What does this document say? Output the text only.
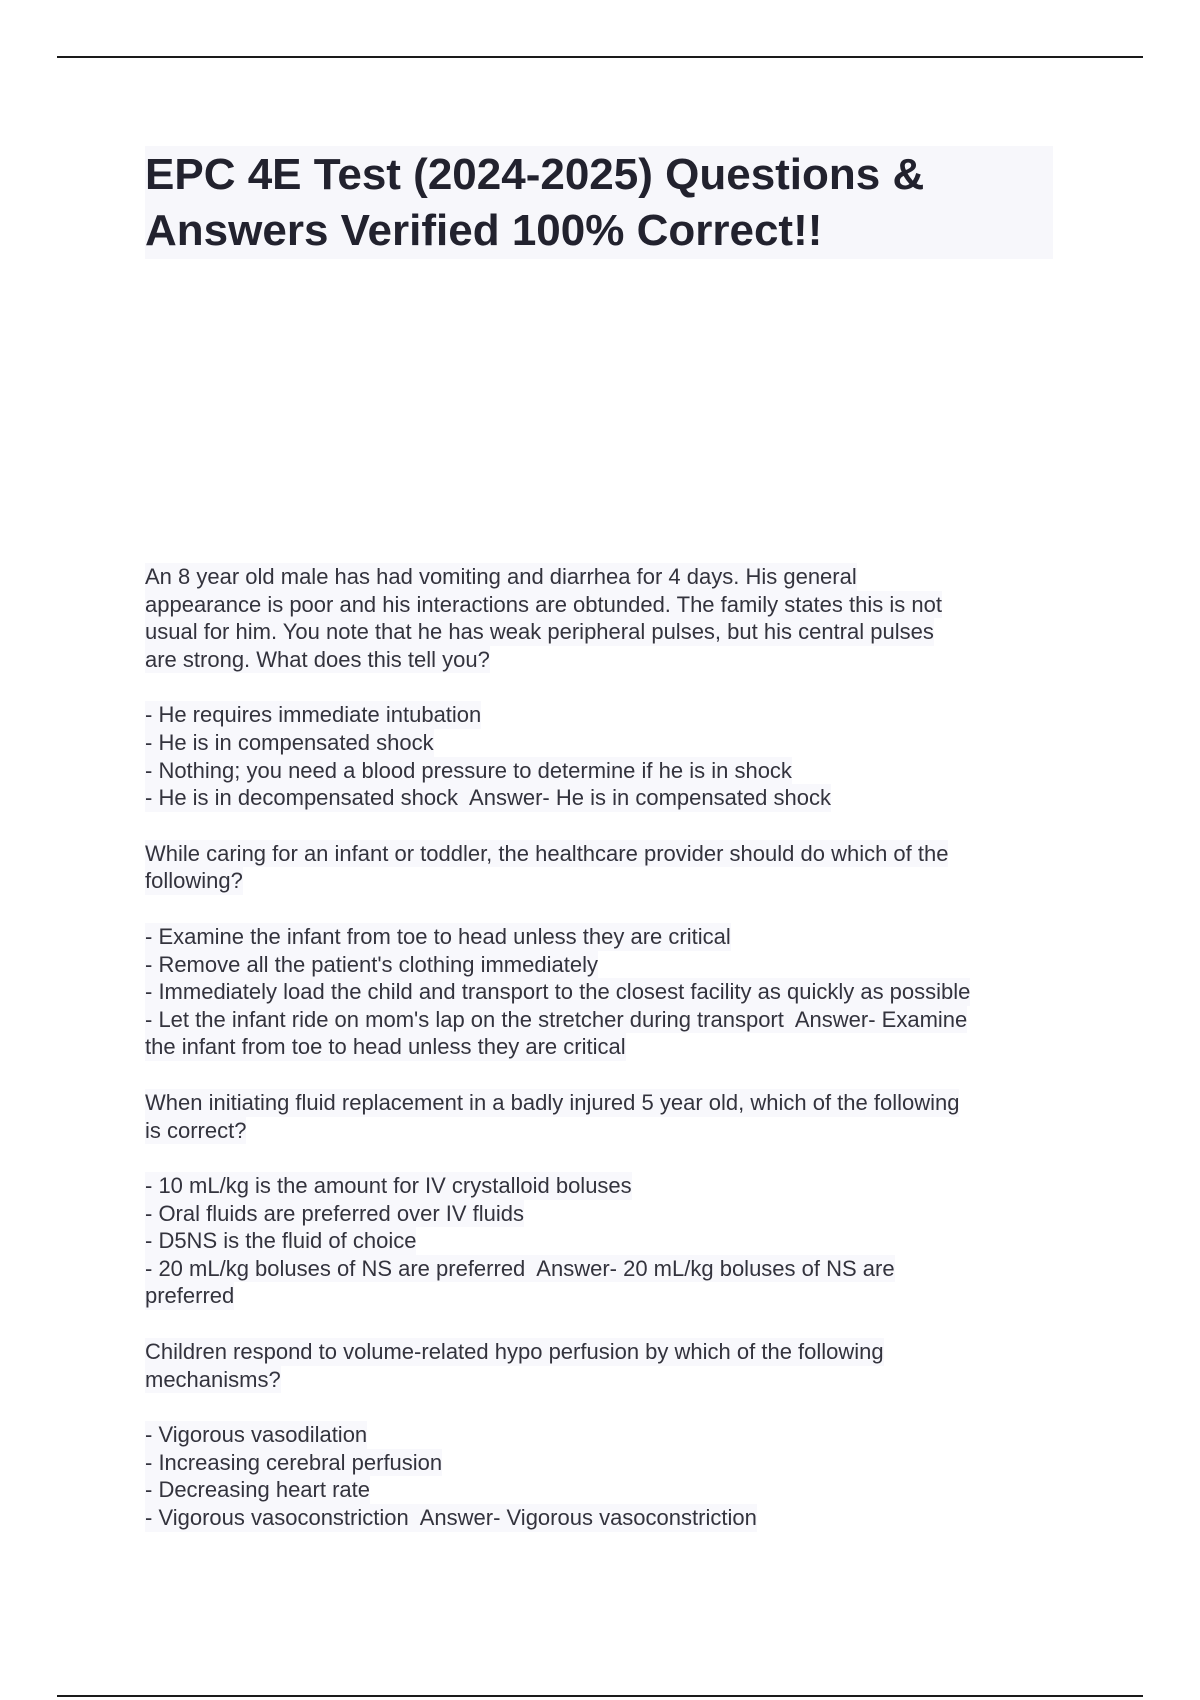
EPC 4E Test (2024-2025) Questions &
Answers Verified 100% Correct!!
An 8 year old male has had vomiting and diarrhea for 4 days. His general
appearance is poor and his interactions are obtunded. The family states this is not
usual for him. You note that he has weak peripheral pulses, but his central pulses
are strong. What does this tell you?
- He requires immediate intubation
- He is in compensated shock
- Nothing; you need a blood pressure to determine if he is in shock
- He is in decompensated shock  Answer- He is in compensated shock
While caring for an infant or toddler, the healthcare provider should do which of the
following?
- Examine the infant from toe to head unless they are critical
- Remove all the patient's clothing immediately
- Immediately load the child and transport to the closest facility as quickly as possible
- Let the infant ride on mom's lap on the stretcher during transport  Answer- Examine
the infant from toe to head unless they are critical
When initiating fluid replacement in a badly injured 5 year old, which of the following
is correct?
- 10 mL/kg is the amount for IV crystalloid boluses
- Oral fluids are preferred over IV fluids
- D5NS is the fluid of choice
- 20 mL/kg boluses of NS are preferred  Answer- 20 mL/kg boluses of NS are
preferred
Children respond to volume-related hypo perfusion by which of the following
mechanisms?
- Vigorous vasodilation
- Increasing cerebral perfusion
- Decreasing heart rate
- Vigorous vasoconstriction  Answer- Vigorous vasoconstriction
